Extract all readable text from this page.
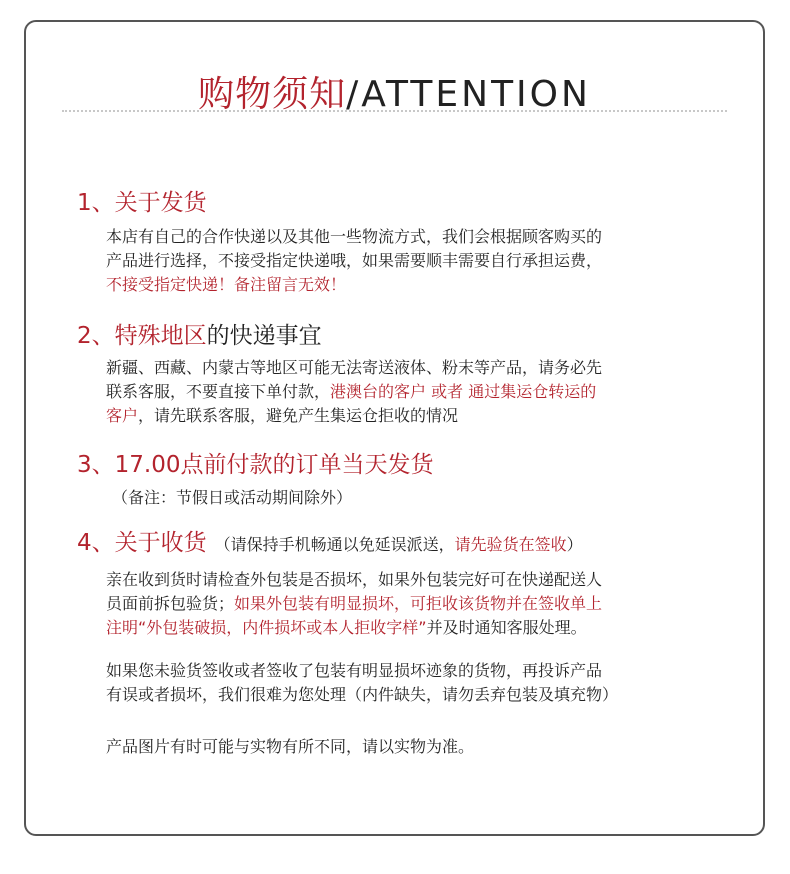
购物须知/ATTENTION
1、关于发货
本店有自己的合作快递以及其他一些物流方式，我们会根据顾客购买的
产品进行选择，不接受指定快递哦，如果需要顺丰需要自行承担运费，
不接受指定快递！备注留言无效！
2、特殊地区的快递事宜
新疆、西藏、内蒙古等地区可能无法寄送液体、粉末等产品，请务必先
联系客服，不要直接下单付款，港澳台的客户 或者 通过集运仓转运的
客户，请先联系客服，避免产生集运仓拒收的情况
3、17.00点前付款的订单当天发货
（备注：节假日或活动期间除外）
4、关于收货 （请保持手机畅通以免延误派送，请先验货在签收）
亲在收到货时请检查外包装是否损坏，如果外包装完好可在快递配送人
员面前拆包验货；如果外包装有明显损坏，可拒收该货物并在签收单上
注明“外包装破损，内件损坏或本人拒收字样”并及时通知客服处理。
如果您未验货签收或者签收了包装有明显损坏迹象的货物，再投诉产品
有误或者损坏，我们很难为您处理（内件缺失，请勿丢弃包装及填充物）
产品图片有时可能与实物有所不同，请以实物为准。
